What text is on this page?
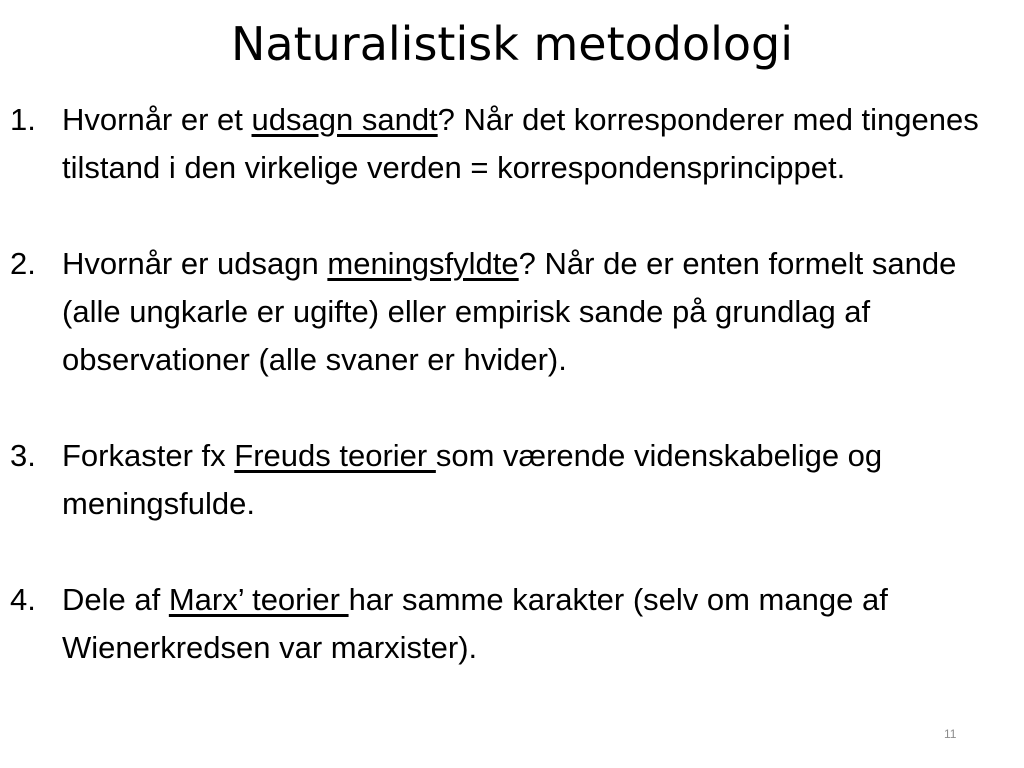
Naturalistisk metodologi
1. Hvornår er et udsagn sandt? Når det korresponderer med tingenes tilstand i den virkelige verden = korrespondensprincippet.
2. Hvornår er udsagn meningsfyldte? Når de er enten formelt sande (alle ungkarle er ugifte) eller empirisk sande på grundlag af observationer (alle svaner er hvider).
3. Forkaster fx Freuds teorier som værende videnskabelige og meningsfulde.
4. Dele af Marx’ teorier har samme karakter (selv om mange af Wienerkredsen var marxister).
11
